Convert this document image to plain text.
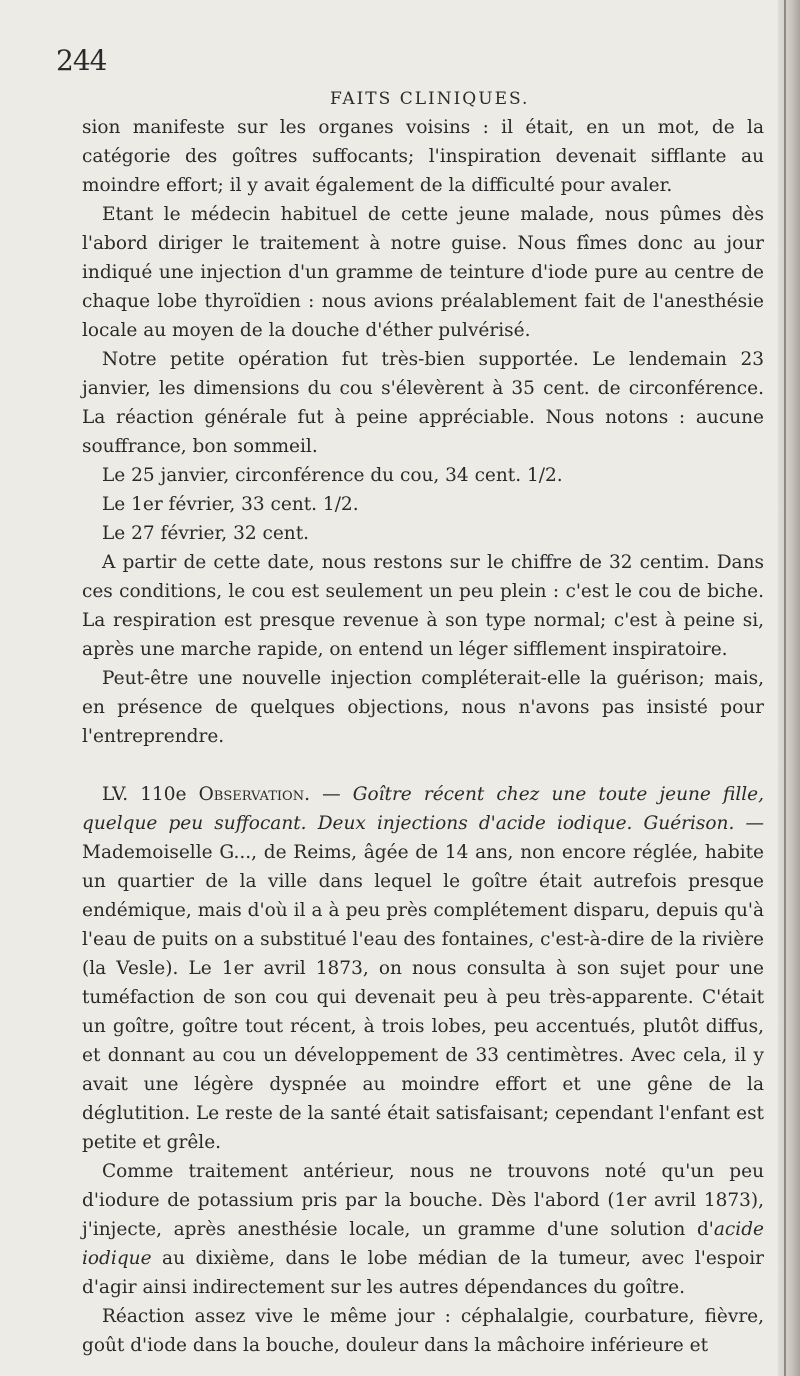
244
FAITS CLINIQUES.

sion manifeste sur les organes voisins : il était, en un mot, de la catégorie des goîtres suffocants; l'inspiration devenait sifflante au moindre effort; il y avait également de la difficulté pour avaler.

Etant le médecin habituel de cette jeune malade, nous pûmes dès l'abord diriger le traitement à notre guise. Nous fîmes donc au jour indiqué une injection d'un gramme de teinture d'iode pure au centre de chaque lobe thyroïdien : nous avions préalablement fait de l'anesthésie locale au moyen de la douche d'éther pulvérisé.

Notre petite opération fut très-bien supportée. Le lendemain 23 janvier, les dimensions du cou s'élevèrent à 35 cent. de circonférence. La réaction générale fut à peine appréciable. Nous notons : aucune souffrance, bon sommeil.

Le 25 janvier, circonférence du cou, 34 cent. 1/2.

Le 1er février, 33 cent. 1/2.

Le 27 février, 32 cent.

A partir de cette date, nous restons sur le chiffre de 32 centim. Dans ces conditions, le cou est seulement un peu plein : c'est le cou de biche. La respiration est presque revenue à son type normal; c'est à peine si, après une marche rapide, on entend un léger sifflement inspiratoire.

Peut-être une nouvelle injection compléterait-elle la guérison; mais, en présence de quelques objections, nous n'avons pas insisté pour l'entreprendre.

LV. 110e Observation. — Goître récent chez une toute jeune fille, quelque peu suffocant. Deux injections d'acide iodique. Guérison. — Mademoiselle G..., de Reims, âgée de 14 ans, non encore réglée, habite un quartier de la ville dans lequel le goître était autrefois presque endémique, mais d'où il a à peu près complétement disparu, depuis qu'à l'eau de puits on a substitué l'eau des fontaines, c'est-à-dire de la rivière (la Vesle). Le 1er avril 1873, on nous consulta à son sujet pour une tuméfaction de son cou qui devenait peu à peu très-apparente. C'était un goître, goître tout récent, à trois lobes, peu accentués, plutôt diffus, et donnant au cou un développement de 33 centimètres. Avec cela, il y avait une légère dyspnée au moindre effort et une gêne de la déglutition. Le reste de la santé était satisfaisant; cependant l'enfant est petite et grêle.

Comme traitement antérieur, nous ne trouvons noté qu'un peu d'iodure de potassium pris par la bouche. Dès l'abord (1er avril 1873), j'injecte, après anesthésie locale, un gramme d'une solution d'acide iodique au dixième, dans le lobe médian de la tumeur, avec l'espoir d'agir ainsi indirectement sur les autres dépendances du goître.

Réaction assez vive le même jour : céphalalgie, courbature, fièvre, goût d'iode dans la bouche, douleur dans la mâchoire inférieure et
